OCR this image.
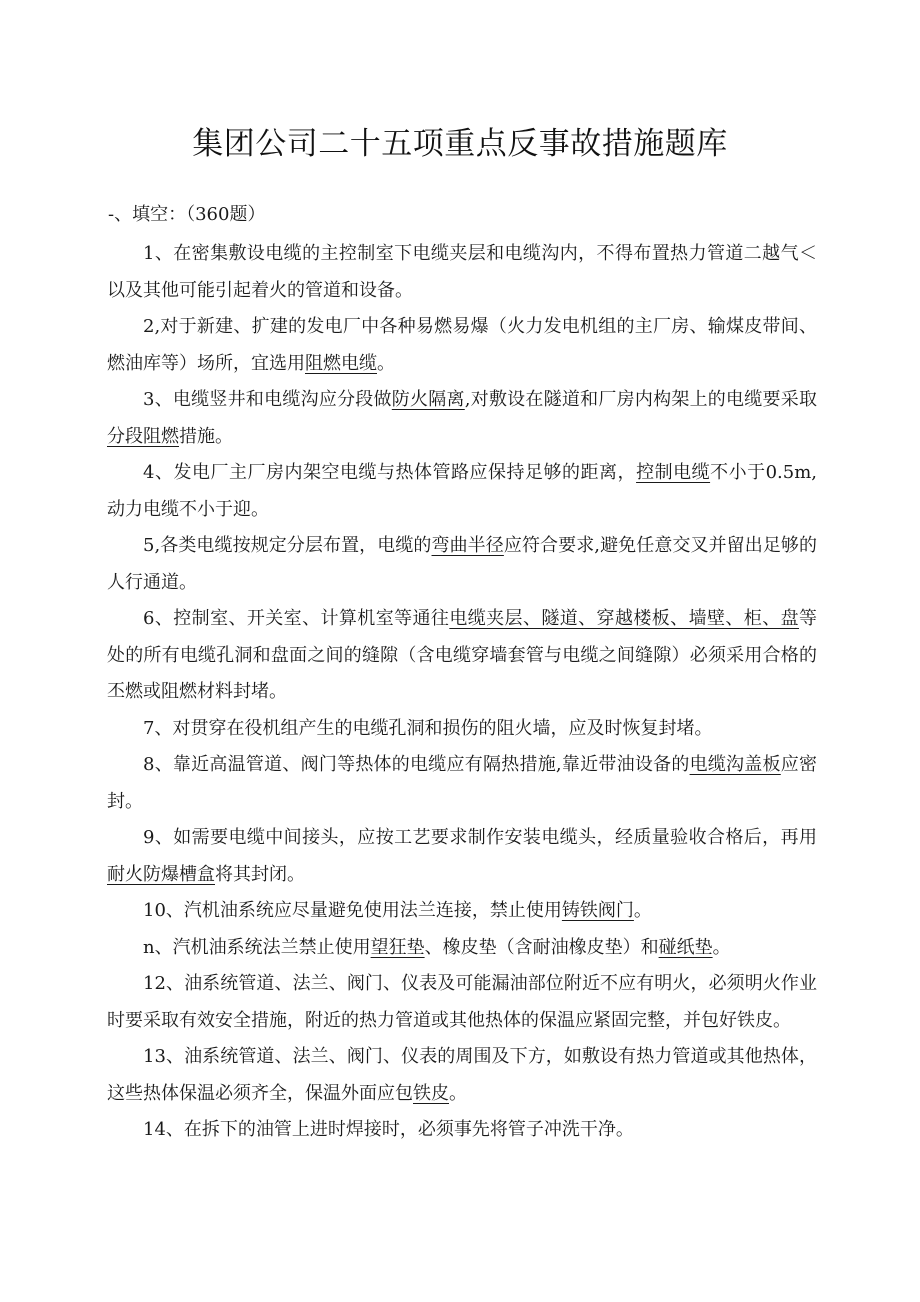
集团公司二十五项重点反事故措施题库

-、填空：（360题）

1、在密集敷设电缆的主控制室下电缆夹层和电缆沟内，不得布置热力管道二越气＜以及其他可能引起着火的管道和设备。

2,对于新建、扩建的发电厂中各种易燃易爆（火力发电机组的主厂房、输煤皮带间、燃油库等）场所，宜选用阻燃电缆。

3、电缆竖井和电缆沟应分段做防火隔离,对敷设在隧道和厂房内构架上的电缆要采取分段阻燃措施。

4、发电厂主厂房内架空电缆与热体管路应保持足够的距离，控制电缆不小于0.5m,动力电缆不小于迎。

5,各类电缆按规定分层布置，电缆的弯曲半径应符合要求,避免任意交叉并留出足够的人行通道。

6、控制室、开关室、计算机室等通往电缆夹层、隧道、穿越楼板、墙壁、柜、盘等处的所有电缆孔洞和盘面之间的缝隙（含电缆穿墙套管与电缆之间缝隙）必须采用合格的丕燃或阻燃材料封堵。

7、对贯穿在役机组产生的电缆孔洞和损伤的阻火墙，应及时恢复封堵。

8、靠近高温管道、阀门等热体的电缆应有隔热措施,靠近带油设备的电缆沟盖板应密封。

9、如需要电缆中间接头，应按工艺要求制作安装电缆头，经质量验收合格后，再用耐火防爆槽盒将其封闭。

10、汽机油系统应尽量避免使用法兰连接，禁止使用铸铁阀门。

n、汽机油系统法兰禁止使用望狂垫、橡皮垫（含耐油橡皮垫）和碰纸垫。

12、油系统管道、法兰、阀门、仪表及可能漏油部位附近不应有明火，必须明火作业时要采取有效安全措施，附近的热力管道或其他热体的保温应紧固完整，并包好铁皮。

13、油系统管道、法兰、阀门、仪表的周围及下方，如敷设有热力管道或其他热体，这些热体保温必须齐全，保温外面应包铁皮。

14、在拆下的油管上进时焊接时，必须事先将管子冲洗干净。
